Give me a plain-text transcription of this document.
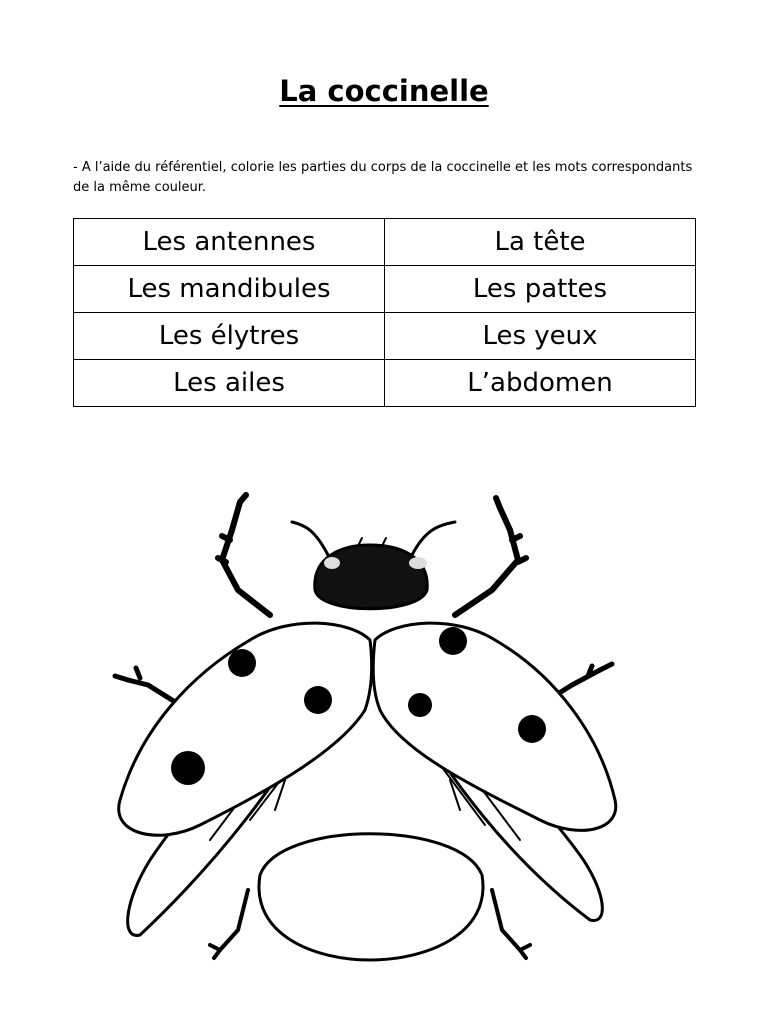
La coccinelle

- A l’aide du référentiel, colorie les parties du corps de la coccinelle et les mots correspondants de la même couleur.

Les antennes	La tête
Les mandibules	Les pattes
Les élytres	Les yeux
Les ailes	L’abdomen
